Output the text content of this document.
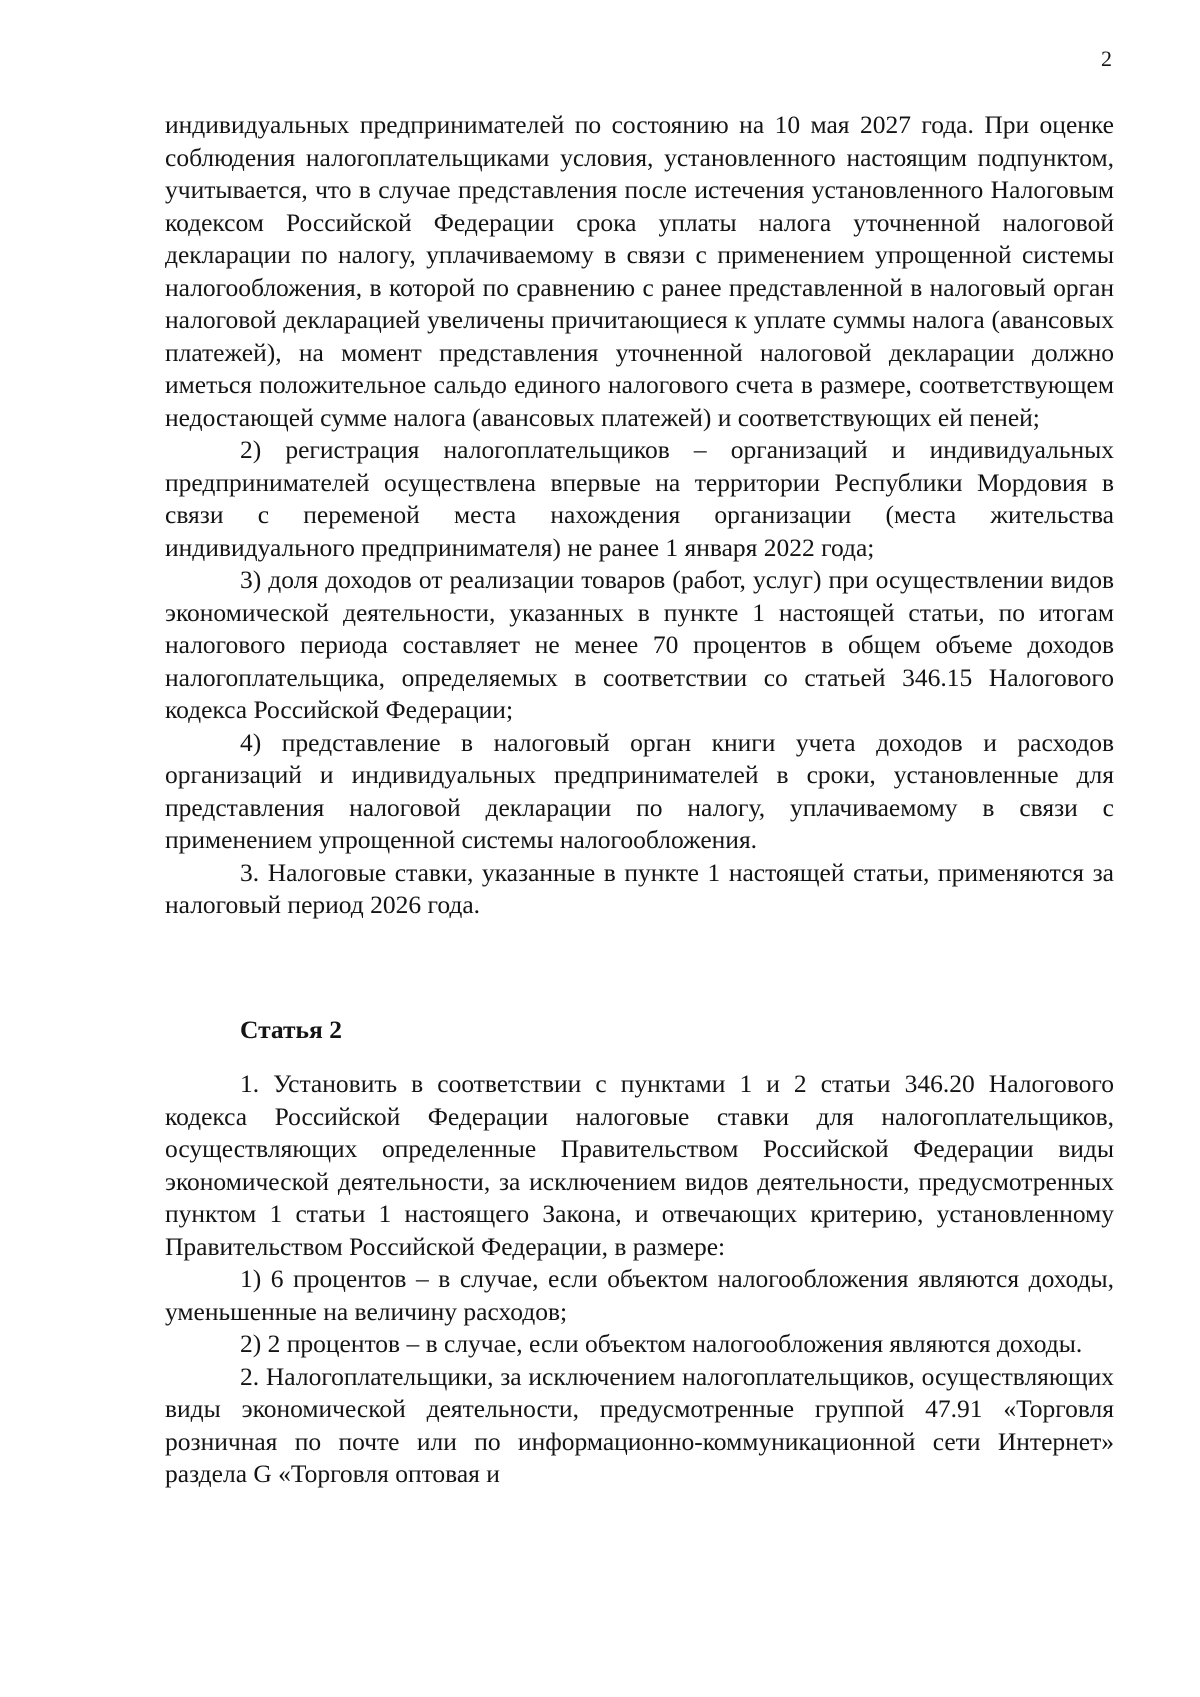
2

индивидуальных предпринимателей по состоянию на 10 мая 2027 года. При оценке соблюдения налогоплательщиками условия, установленного настоящим подпунктом, учитывается, что в случае представления после истечения установленного Налоговым кодексом Российской Федерации срока уплаты налога уточненной налоговой декларации по налогу, уплачиваемому в связи с применением упрощенной системы налогообложения, в которой по сравнению с ранее представленной в налоговый орган налоговой декларацией увеличены причитающиеся к уплате суммы налога (авансовых платежей), на момент представления уточненной налоговой декларации должно иметься положительное сальдо единого налогового счета в размере, соответствующем недостающей сумме налога (авансовых платежей) и соответствующих ей пеней;

2) регистрация налогоплательщиков – организаций и индивидуальных предпринимателей осуществлена впервые на территории Республики Мордовия в связи с переменой места нахождения организации (места жительства индивидуального предпринимателя) не ранее 1 января 2022 года;

3) доля доходов от реализации товаров (работ, услуг) при осуществлении видов экономической деятельности, указанных в пункте 1 настоящей статьи, по итогам налогового периода составляет не менее 70 процентов в общем объеме доходов налогоплательщика, определяемых в соответствии со статьей 346.15 Налогового кодекса Российской Федерации;

4) представление в налоговый орган книги учета доходов и расходов организаций и индивидуальных предпринимателей в сроки, установленные для представления налоговой декларации по налогу, уплачиваемому в связи с применением упрощенной системы налогообложения.

3. Налоговые ставки, указанные в пункте 1 настоящей статьи, применяются за налоговый период 2026 года.

Статья 2

1. Установить в соответствии с пунктами 1 и 2 статьи 346.20 Налогового кодекса Российской Федерации налоговые ставки для налогоплательщиков, осуществляющих определенные Правительством Российской Федерации виды экономической деятельности, за исключением видов деятельности, предусмотренных пунктом 1 статьи 1 настоящего Закона, и отвечающих критерию, установленному Правительством Российской Федерации, в размере:

1) 6 процентов – в случае, если объектом налогообложения являются доходы, уменьшенные на величину расходов;

2) 2 процентов – в случае, если объектом налогообложения являются доходы.

2. Налогоплательщики, за исключением налогоплательщиков, осуществляющих виды экономической деятельности, предусмотренные группой 47.91 «Торговля розничная по почте или по информационно-коммуникационной сети Интернет» раздела G «Торговля оптовая и
